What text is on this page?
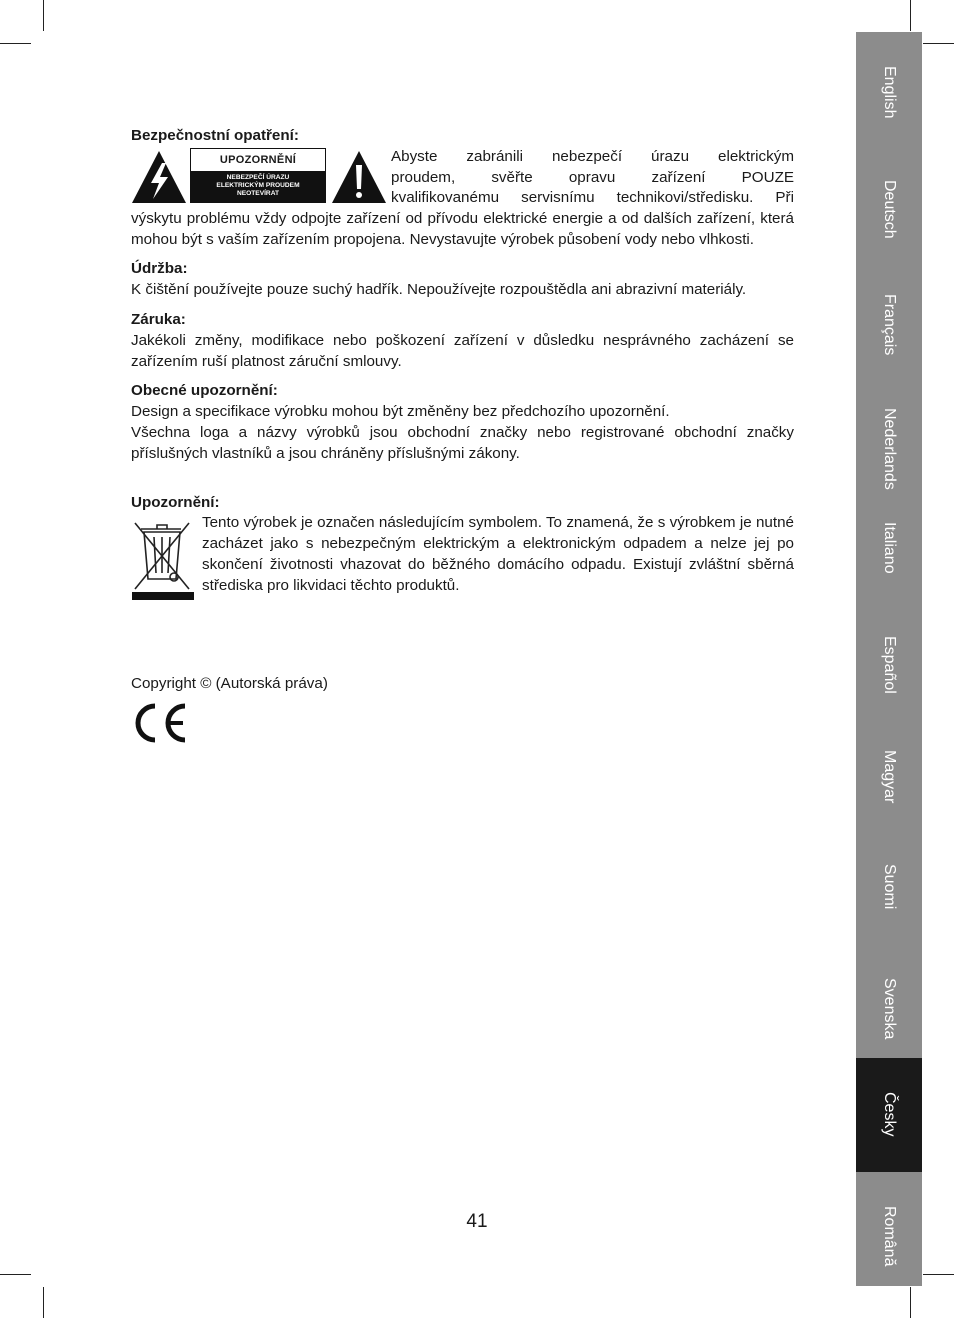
Bezpečnostní opatření:

UPOZORNĚNÍ
NEBEZPEČÍ ÚRAZU
ELEKTRICKÝM PROUDEM
NEOTEVÍRAT
Abyste zabránili nebezpečí úrazu elektrickým
proudem, svěřte opravu zařízení POUZE
kvalifikovanému servisnímu technikovi/středisku. Při

výskytu problému vždy odpojte zařízení od přívodu elektrické energie a od dalších zařízení, která mohou být s vaším zařízením propojena. Nevystavujte výrobek působení vody nebo vlhkosti.

Údržba:

K čištění používejte pouze suchý hadřík. Nepoužívejte rozpouštědla ani abrazivní materiály.

Záruka:

Jakékoli změny, modifikace nebo poškození zařízení v důsledku nesprávného zacházení se zařízením ruší platnost záruční smlouvy.

Obecné upozornění:

Design a specifikace výrobku mohou být změněny bez předchozího upozornění.

Všechna loga a názvy výrobků jsou obchodní značky nebo registrované obchodní značky příslušných vlastníků a jsou chráněny příslušnými zákony.

Upozornění:

Tento výrobek je označen následujícím symbolem. To znamená, že s výrobkem je nutné zacházet jako s nebezpečným elektrickým a elektronickým odpadem a nelze jej po skončení životnosti vhazovat do běžného domácího odpadu. Existují zvláštní sběrná střediska pro likvidaci těchto produktů.

Copyright © (Autorská práva)
41
English
Deutsch
Français
Nederlands
Italiano
Español
Magyar
Suomi
Svenska
Česky
Română
